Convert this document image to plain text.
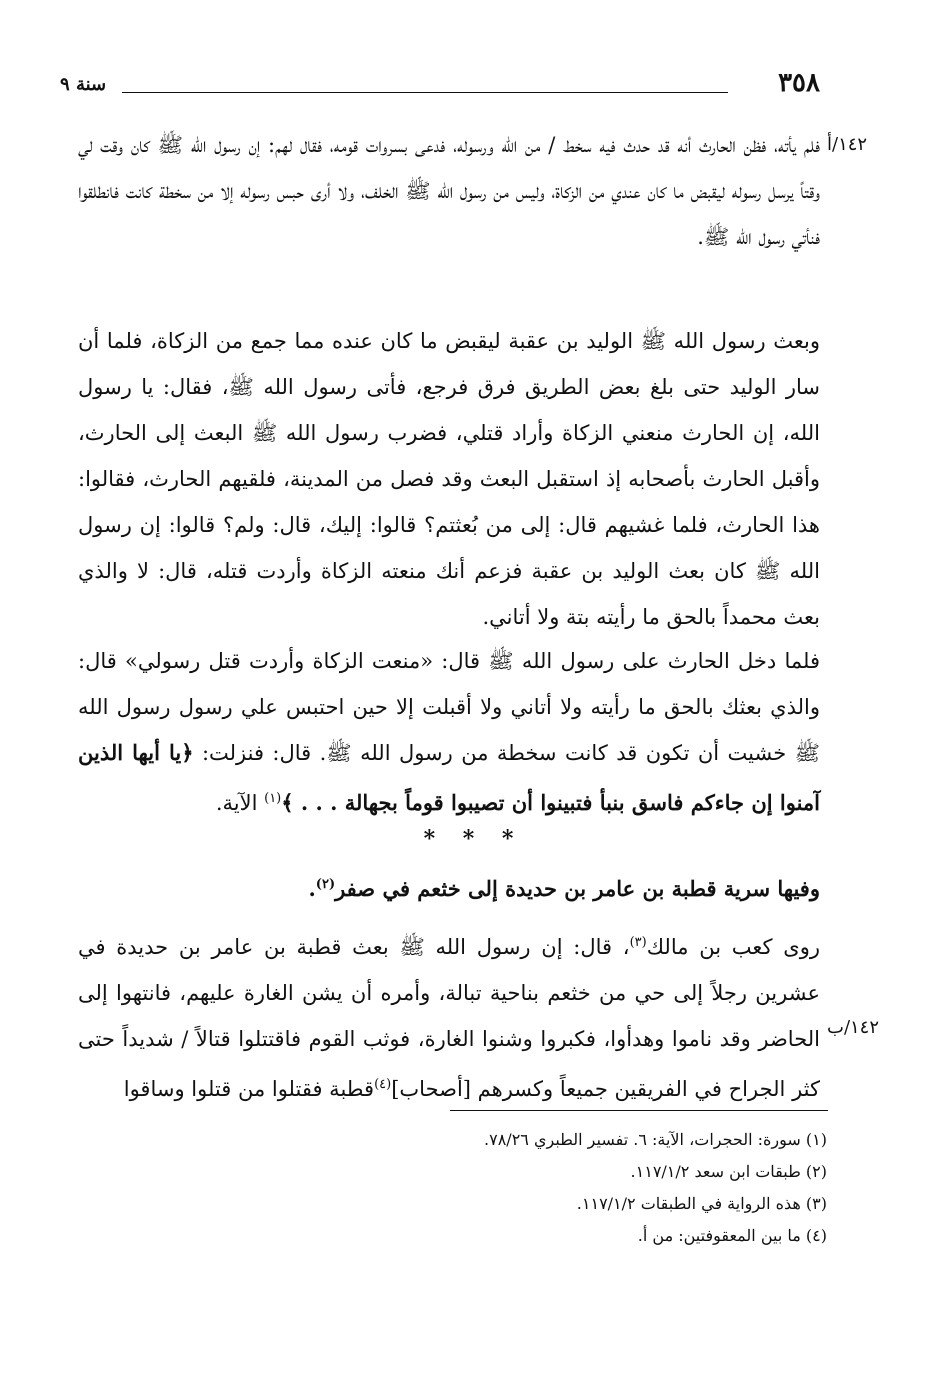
٣٥٨
سنة ٩
١٤٢/أ
١٤٢/ب

فلم يأته، فظن الحارث أنه قد حدث فيه سخط / من الله ورسوله، فدعى بسروات قومه، فقال لهم: إن رسول الله ﷺ كان وقت لي وقتاً يرسل رسوله ليقبض ما كان عندي من الزكاة، وليس من رسول الله ﷺ الخلف، ولا أرى حبس رسوله إلا من سخطة كانت فانطلقوا فنأتي رسول الله ﷺ.

وبعث رسول الله ﷺ الوليد بن عقبة ليقبض ما كان عنده مما جمع من الزكاة، فلما أن سار الوليد حتى بلغ بعض الطريق فرق فرجع، فأتى رسول الله ﷺ، فقال: يا رسول الله، إن الحارث منعني الزكاة وأراد قتلي، فضرب رسول الله ﷺ البعث إلى الحارث، وأقبل الحارث بأصحابه إذ استقبل البعث وقد فصل من المدينة، فلقيهم الحارث، فقالوا: هذا الحارث، فلما غشيهم قال: إلى من بُعثتم؟ قالوا: إليك، قال: ولم؟ قالوا: إن رسول الله ﷺ كان بعث الوليد بن عقبة فزعم أنك منعته الزكاة وأردت قتله، قال: لا والذي بعث محمداً بالحق ما رأيته بتة ولا أتاني.

فلما دخل الحارث على رسول الله ﷺ قال: «منعت الزكاة وأردت قتل رسولي» قال: والذي بعثك بالحق ما رأيته ولا أتاني ولا أقبلت إلا حين احتبس علي رسول رسول الله ﷺ خشيت أن تكون قد كانت سخطة من رسول الله ﷺ. قال: فنزلت: ﴿يا أيها الذين آمنوا إن جاءكم فاسق بنبأ فتبينوا أن تصيبوا قوماً بجهالة . . . ﴾$^{(١)}$ الآية.

* * *

وفيها سرية قطبة بن عامر بن حديدة إلى خثعم في صفر$^{(٢)}$.

روى كعب بن مالك$^{(٣)}$، قال: إن رسول الله ﷺ بعث قطبة بن عامر بن حديدة في عشرين رجلاً إلى حي من خثعم بناحية تبالة، وأمره أن يشن الغارة عليهم، فانتهوا إلى الحاضر وقد ناموا وهدأوا، فكبروا وشنوا الغارة، فوثب القوم فاقتتلوا قتالاً / شديداً حتى كثر الجراح في الفريقين جميعاً وكسرهم [أصحاب]$^{(٤)}$قطبة فقتلوا من قتلوا وساقوا

(١) سورة: الحجرات، الآية: ٦. تفسير الطبري ٧٨/٢٦.
(٢) طبقات ابن سعد ١١٧/١/٢.
(٣) هذه الرواية في الطبقات ١١٧/١/٢.
(٤) ما بين المعقوفتين: من أ.
